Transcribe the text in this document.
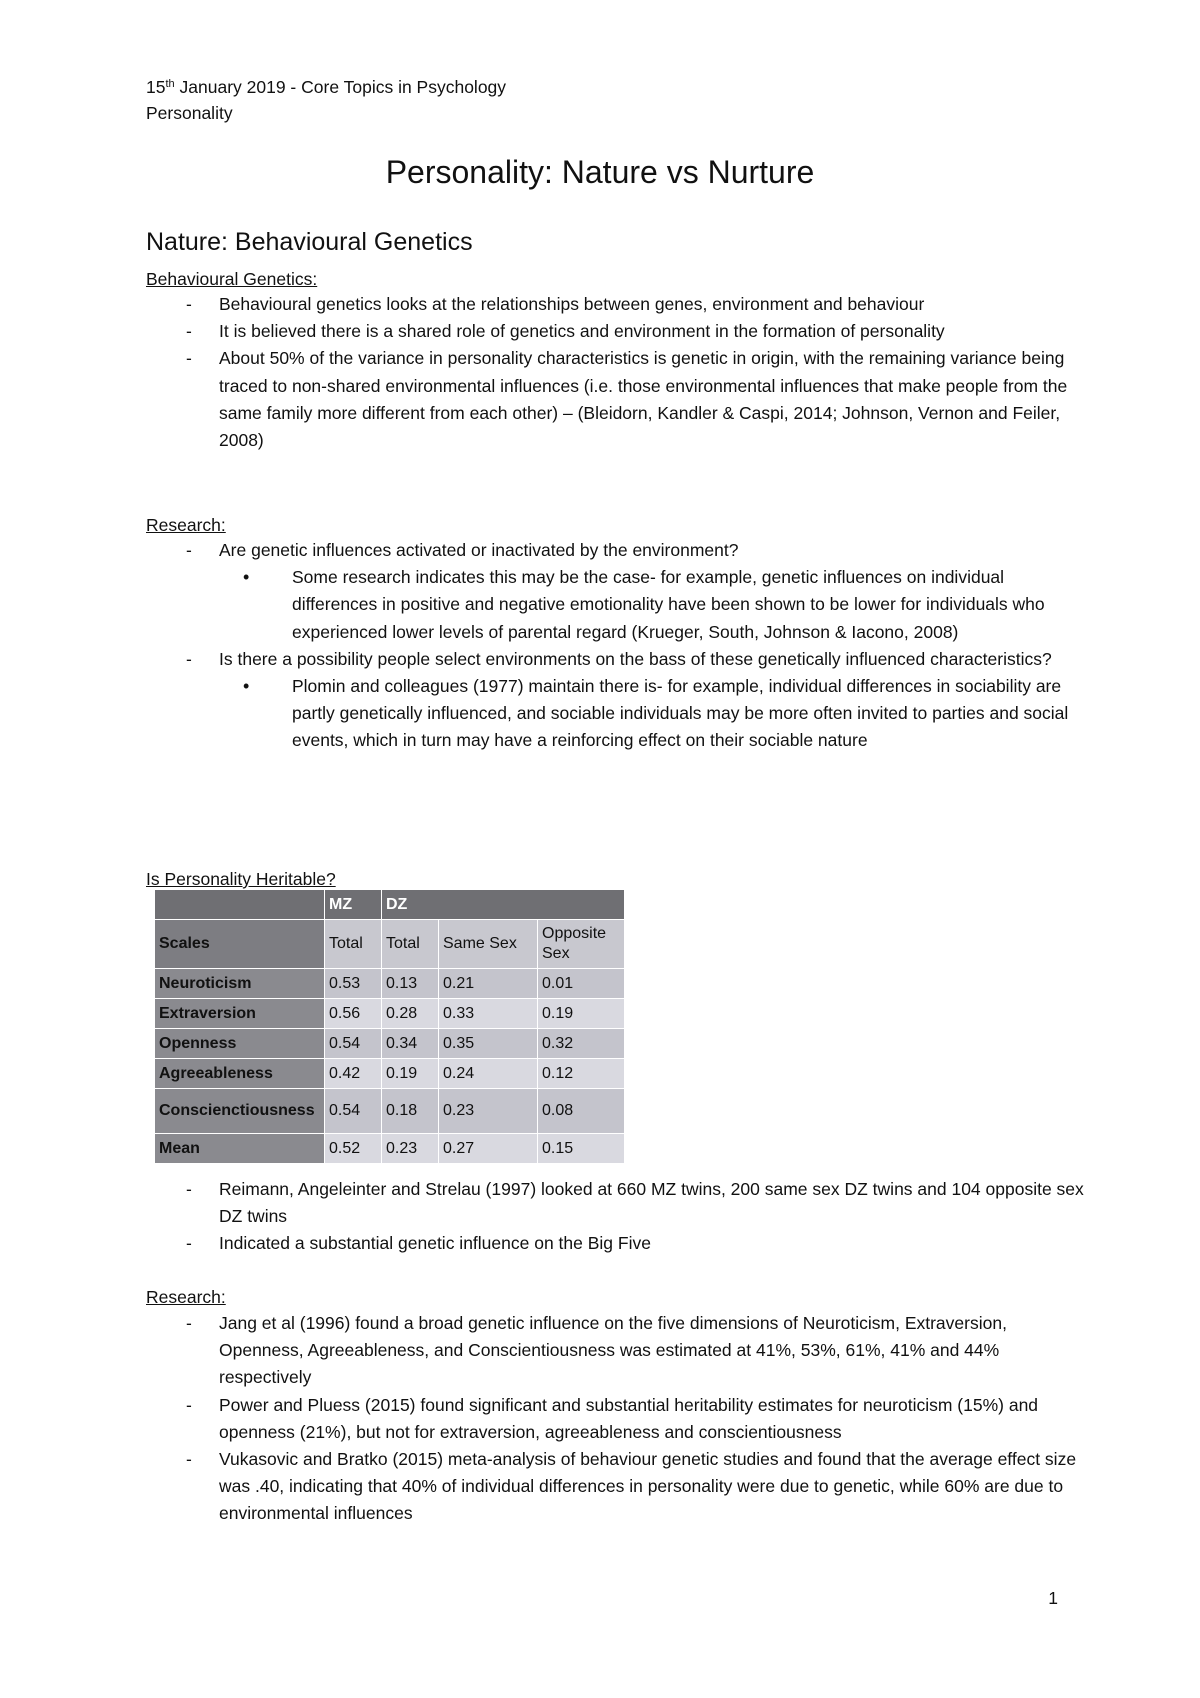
15th January 2019 - Core Topics in Psychology

Personality

Personality: Nature vs Nurture
Nature: Behavioural Genetics
Behavioural Genetics:
- Behavioural genetics looks at the relationships between genes, environment and behaviour
- It is believed there is a shared role of genetics and environment in the formation of personality
- About 50% of the variance in personality characteristics is genetic in origin, with the remaining variance being traced to non-shared environmental influences (i.e. those environmental influences that make people from the same family more different from each other) – (Bleidorn, Kandler & Caspi, 2014; Johnson, Vernon and Feiler, 2008)
Research:
- Are genetic influences activated or inactivated by the environment?
• Some research indicates this may be the case- for example, genetic influences on individual differences in positive and negative emotionality have been shown to be lower for individuals who experienced lower levels of parental regard (Krueger, South, Johnson & Iacono, 2008)
- Is there a possibility people select environments on the bass of these genetically influenced characteristics?
• Plomin and colleagues (1977) maintain there is- for example, individual differences in sociability are partly genetically influenced, and sociable individuals may be more often invited to parties and social events, which in turn may have a reinforcing effect on their sociable nature
Is Personality Heritable?
	MZ	DZ		
Scales	Total	Total	Same Sex	Opposite Sex
Neuroticism	0.53	0.13	0.21	0.01
Extraversion	0.56	0.28	0.33	0.19
Openness	0.54	0.34	0.35	0.32
Agreeableness	0.42	0.19	0.24	0.12
Conscienctiousness	0.54	0.18	0.23	0.08
Mean	0.52	0.23	0.27	0.15
- Reimann, Angeleinter and Strelau (1997) looked at 660 MZ twins, 200 same sex DZ twins and 104 opposite sex DZ twins
- Indicated a substantial genetic influence on the Big Five
Research:
- Jang et al (1996) found a broad genetic influence on the five dimensions of Neuroticism, Extraversion, Openness, Agreeableness, and Conscientiousness was estimated at 41%, 53%, 61%, 41% and 44% respectively
- Power and Pluess (2015) found significant and substantial heritability estimates for neuroticism (15%) and openness (21%), but not for extraversion, agreeableness and conscientiousness
- Vukasovic and Bratko (2015) meta-analysis of behaviour genetic studies and found that the average effect size was .40, indicating that 40% of individual differences in personality were due to genetic, while 60% are due to environmental influences
1
